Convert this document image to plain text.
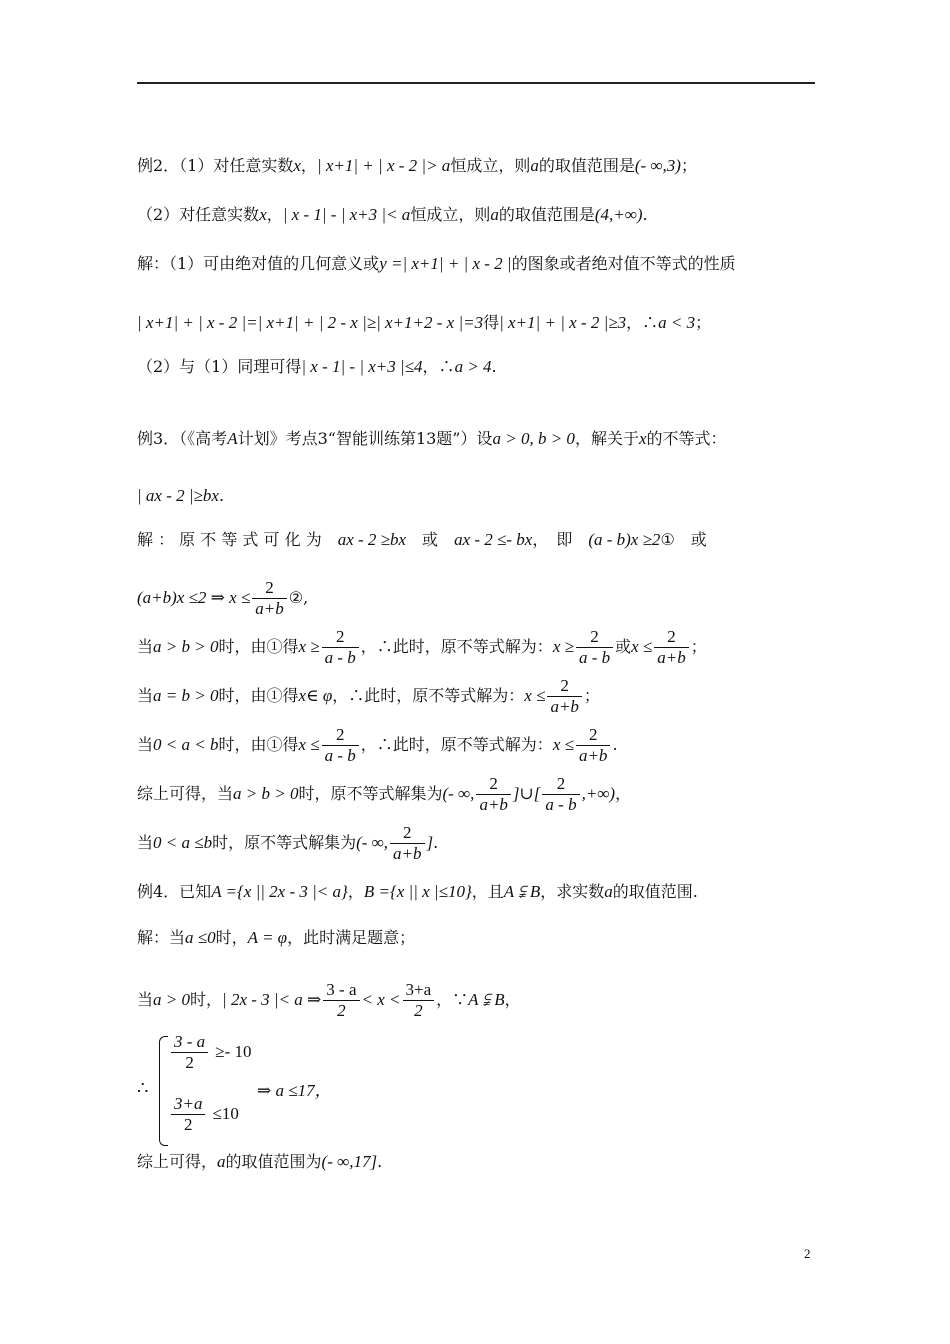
例2．（1）对任意实数x，| x+1| + | x - 2 |> a恒成立，则a的取值范围是(- ∞,3)；
（2）对任意实数x，| x - 1| - | x+3 |< a恒成立，则a的取值范围是(4,+∞).
解：（1）可由绝对值的几何意义或y =| x+1| + | x - 2 |的图象或者绝对值不等式的性质
| x+1| + | x - 2 |=| x+1| + | 2 - x |≥| x+1+2 - x |=3得| x+1| + | x - 2 |≥3，∴a < 3；
（2）与（1）同理可得| x - 1| - | x+3 |≤4，∴a > 4.
例3．（《高考A计划》考点3“智能训练第13题”）设a > 0, b > 0，解关于x的不等式：
| ax - 2 |≥bx.
解 ： 原 不 等 式 可 化 为　ax - 2 ≥bx　或　ax - 2 ≤- bx，　即　(a - b)x ≥2①　或
(a+b)x ≤2 ⇒ $x \le \frac{2}{a+b}$ ②,
当a > b > 0时，由①得$x \ge \frac{2}{a - b}$ ，∴此时，原不等式解为：$x \ge \frac{2}{a - b}$ 或$x \le \frac{2}{a+b}$ ；
当a = b > 0时，由①得x∈ φ，∴此时，原不等式解为：$x \le \frac{2}{a+b}$ ；
当0 < a < b时，由①得$x \le \frac{2}{a - b}$ ，∴此时，原不等式解为：$x \le \frac{2}{a+b}$ .
综上可得，当a > b > 0时，原不等式解集为(- ∞, $\frac{2}{a+b}$ ]∪[ $\frac{2}{a - b}$ ,+∞)，
当0 < a ≤b时，原不等式解集为(- ∞, $\frac{2}{a+b}$ ].
例4．已知A ={x || 2x - 3 |< a}，B ={x || x |≤10}，且A ⫋ B，求实数a的取值范围.
解：当a ≤0时，A = φ，此时满足题意；
当a > 0时，| 2x - 3 |< a ⇒ $\frac{3 - a}{2} < x < \frac{3+a}{2}$ ，∵A ⫋ B，
综上可得，a的取值范围为(- ∞,17].
∴
$\frac{3 - a}{2} \ge- 10$
$\frac{3+a}{2} \le 10$
⇒ a ≤17，
2
